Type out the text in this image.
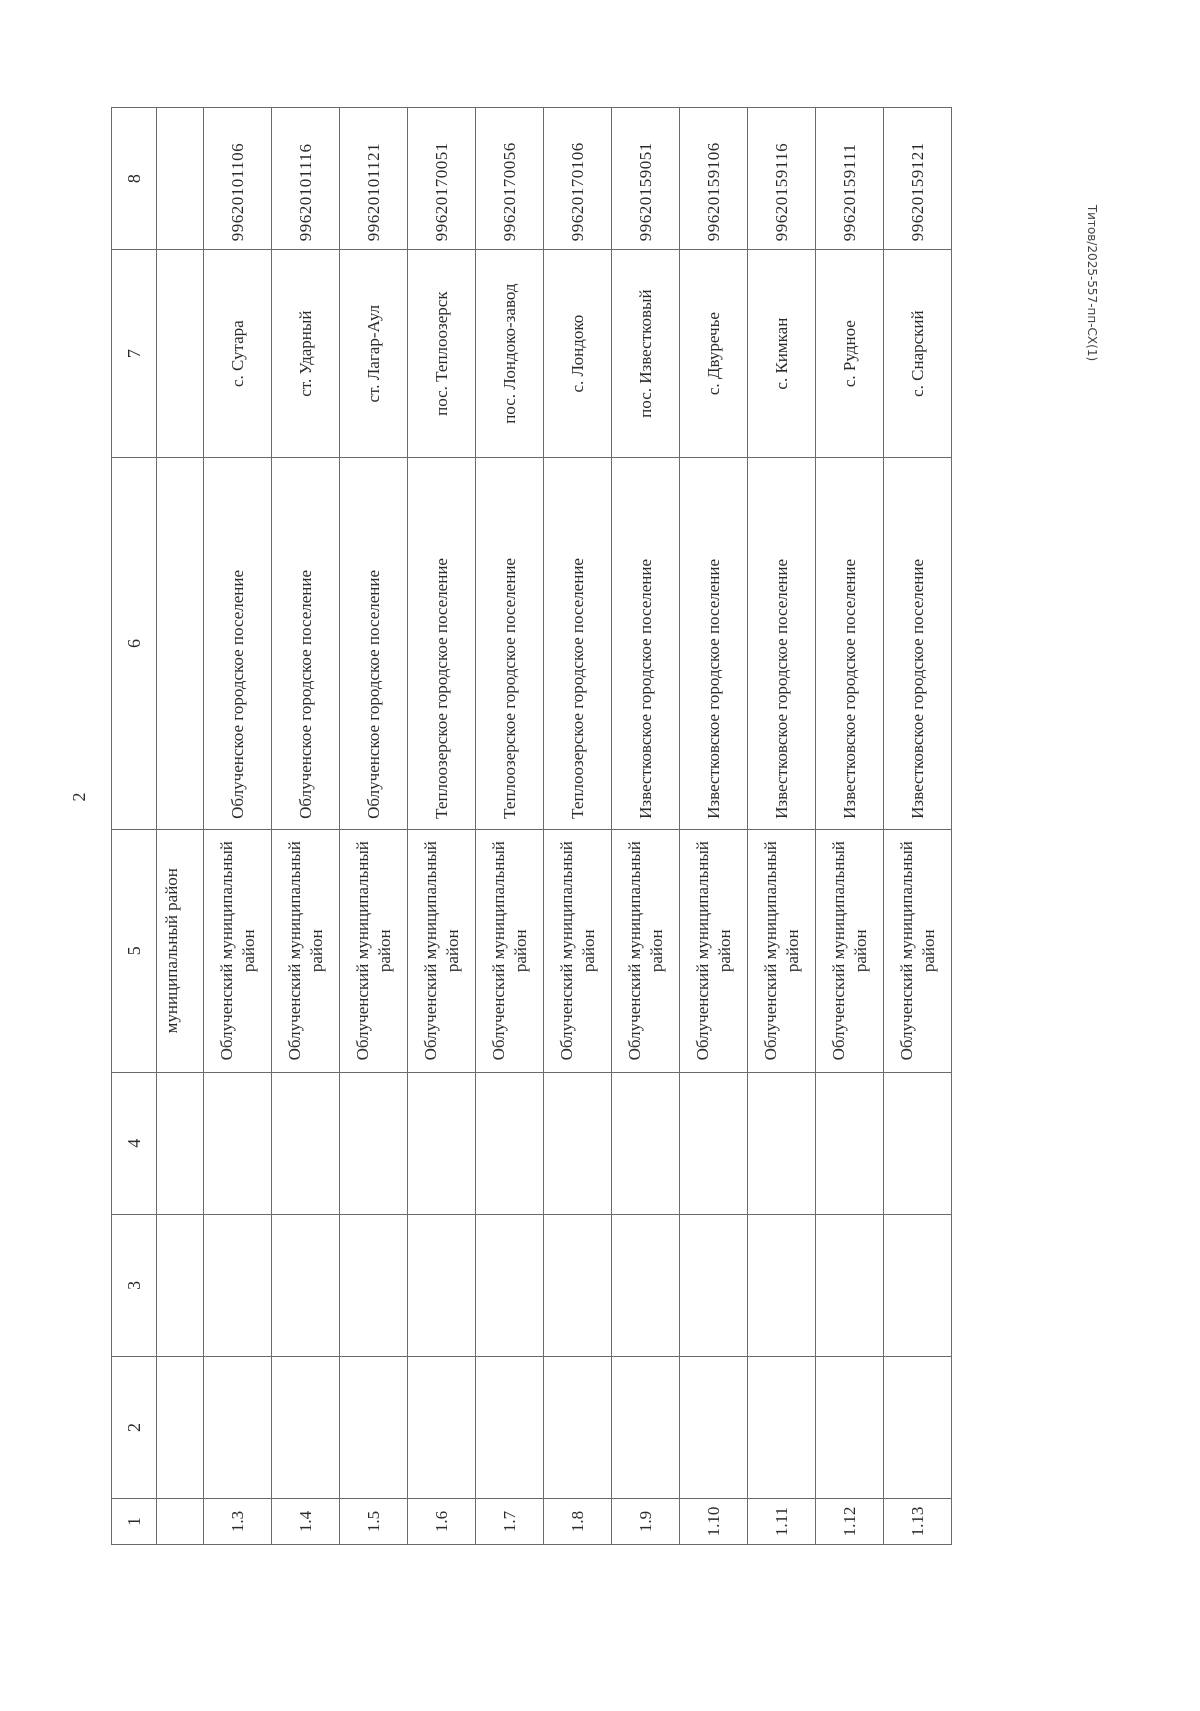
2
Титов/2025-557-пп-СХ(1)
1	2	3	4	5	6	7	8
				муниципальный район			
1.3				Облученский муниципальный район	Облученское городское поселение	с. Сутара	99620101106
1.4				Облученский муниципальный район	Облученское городское поселение	ст. Ударный	99620101116
1.5				Облученский муниципальный район	Облученское городское поселение	ст. Лагар-Аул	99620101121
1.6				Облученский муниципальный район	Теплоозерское городское поселение	пос. Теплоозерск	99620170051
1.7				Облученский муниципальный район	Теплоозерское городское поселение	пос. Лондоко-завод	99620170056
1.8				Облученский муниципальный район	Теплоозерское городское поселение	с. Лондоко	99620170106
1.9				Облученский муниципальный район	Известковское городское поселение	пос. Известковый	99620159051
1.10				Облученский муниципальный район	Известковское городское поселение	с. Двуречье	99620159106
1.11				Облученский муниципальный район	Известковское городское поселение	с. Кимкан	99620159116
1.12				Облученский муниципальный район	Известковское городское поселение	с. Рудное	99620159111
1.13				Облученский муниципальный район	Известковское городское поселение	с. Снарский	99620159121
